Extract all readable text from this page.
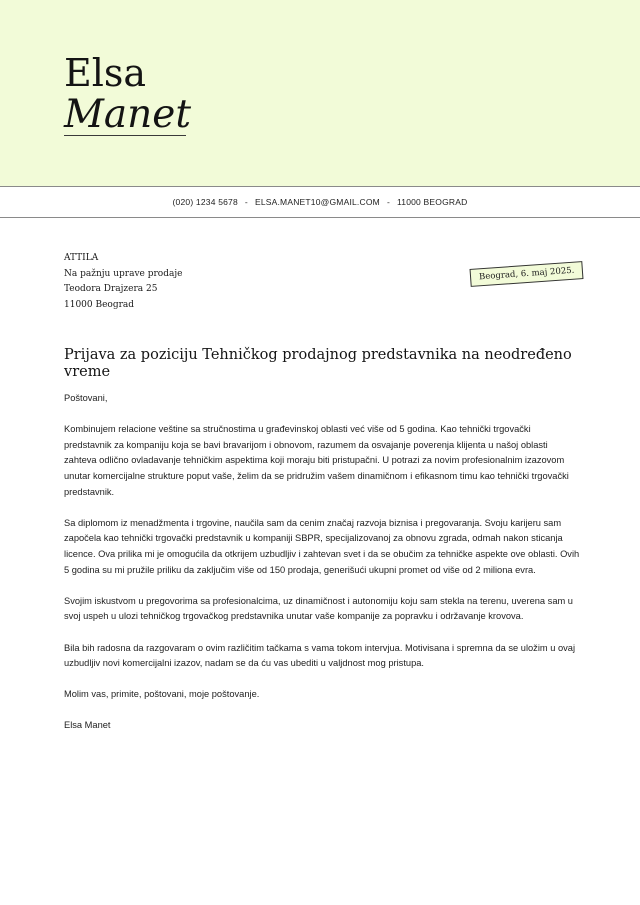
Elsa
Manet
(020) 1234 5678 - ELSA.MANET10@GMAIL.COM - 11000 BEOGRAD
ATTILA
Na pažnju uprave prodaje
Teodora Drajzera 25
11000 Beograd
Beograd, 6. maj 2025.
Prijava za poziciju Tehničkog prodajnog predstavnika na neodređeno vreme

Poštovani,

Kombinujem relacione veštine sa stručnostima u građevinskoj oblasti već više od 5 godina. Kao tehnički trgovački predstavnik za kompaniju koja se bavi bravarijom i obnovom, razumem da osvajanje poverenja klijenta u našoj oblasti zahteva odlično ovladavanje tehničkim aspektima koji moraju biti pristupačni. U potrazi za novim profesionalnim izazovom unutar komercijalne strukture poput vaše, želim da se pridružim vašem dinamičnom i efikasnom timu kao tehnički trgovački predstavnik.

Sa diplomom iz menadžmenta i trgovine, naučila sam da cenim značaj razvoja biznisa i pregovaranja. Svoju karijeru sam započela kao tehnički trgovački predstavnik u kompaniji SBPR, specijalizovanoj za obnovu zgrada, odmah nakon sticanja licence. Ova prilika mi je omogućila da otkrijem uzbudljiv i zahtevan svet i da se obučim za tehničke aspekte ove oblasti. Ovih 5 godina su mi pružile priliku da zaključim više od 150 prodaja, generišući ukupni promet od više od 2 miliona evra.

Svojim iskustvom u pregovorima sa profesionalcima, uz dinamičnost i autonomiju koju sam stekla na terenu, uverena sam u svoj uspeh u ulozi tehničkog trgovačkog predstavnika unutar vaše kompanije za popravku i održavanje krovova.

Bila bih radosna da razgovaram o ovim različitim tačkama s vama tokom intervjua. Motivisana i spremna da se uložim u ovaj uzbudljiv novi komercijalni izazov, nadam se da ću vas ubediti u valjdnost mog pristupa.

Molim vas, primite, poštovani, moje poštovanje.

Elsa Manet
